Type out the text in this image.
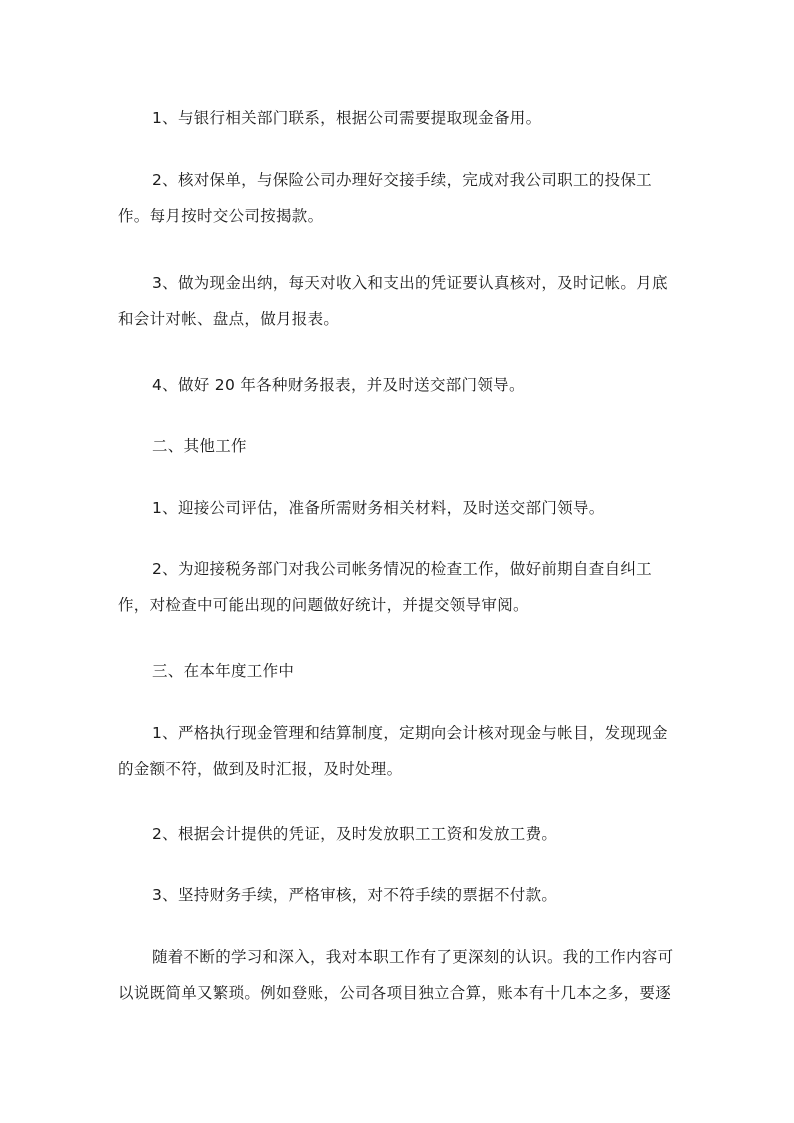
1、与银行相关部门联系，根据公司需要提取现金备用。

2、核对保单，与保险公司办理好交接手续，完成对我公司职工的投保工作。每月按时交公司按揭款。

3、做为现金出纳，每天对收入和支出的凭证要认真核对，及时记帐。月底和会计对帐、盘点，做月报表。

4、做好 20 年各种财务报表，并及时送交部门领导。

二、其他工作

1、迎接公司评估，准备所需财务相关材料，及时送交部门领导。

2、为迎接税务部门对我公司帐务情况的检查工作，做好前期自查自纠工作，对检查中可能出现的问题做好统计，并提交领导审阅。

三、在本年度工作中

1、严格执行现金管理和结算制度，定期向会计核对现金与帐目，发现现金的金额不符，做到及时汇报，及时处理。

2、根据会计提供的凭证，及时发放职工工资和发放工费。

3、坚持财务手续，严格审核，对不符手续的票据不付款。

随着不断的学习和深入，我对本职工作有了更深刻的认识。我的工作内容可以说既简单又繁琐。例如登账，公司各项目独立合算，账本有十几本之多，要逐
